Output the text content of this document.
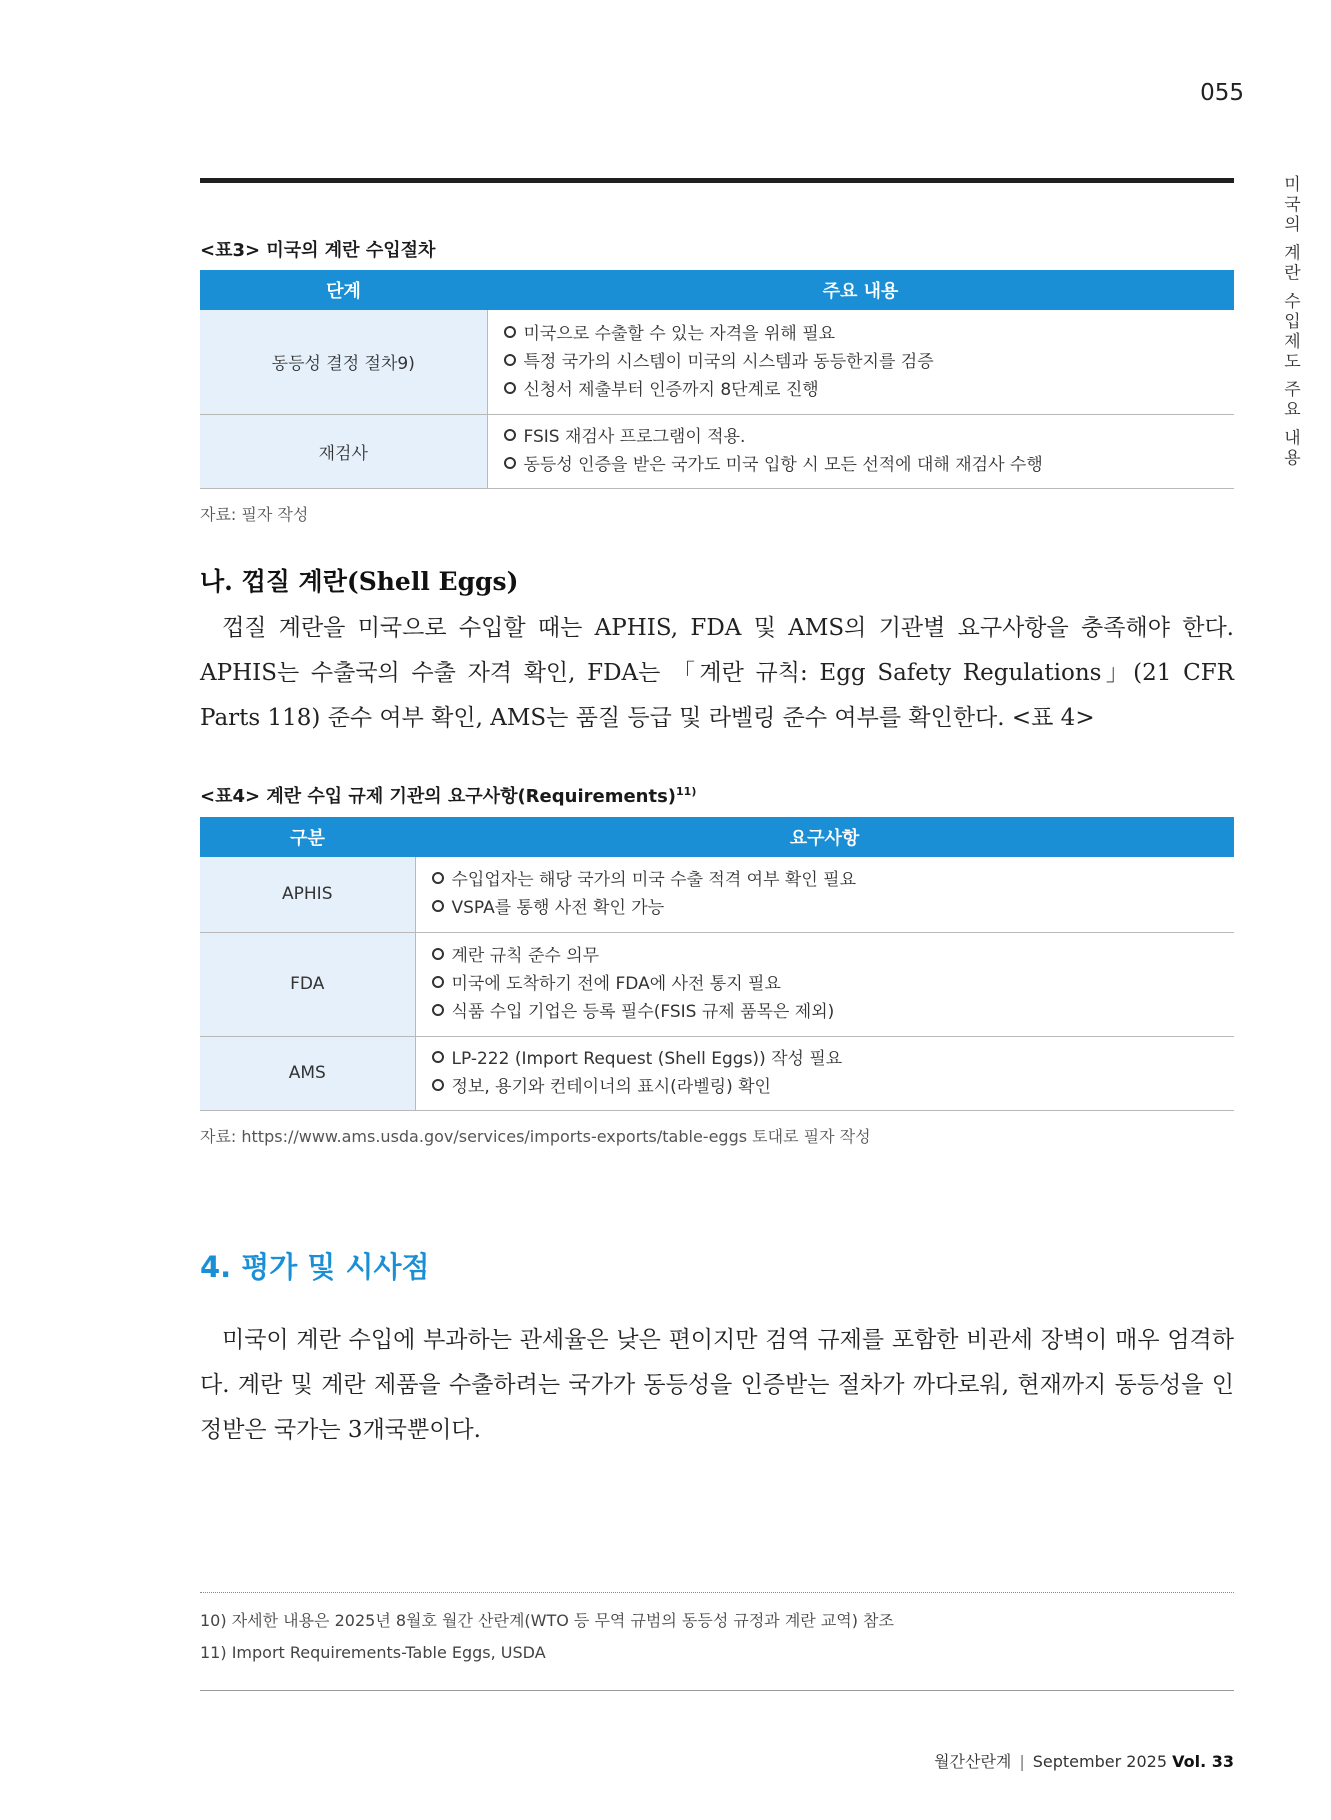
055
미국의 계란 수입제도 주요 내용
<표3> 미국의 계란 수입절차
단계	주요 내용
동등성 결정 절차9)	미국으로 수출할 수 있는 자격을 위해 필요
특정 국가의 시스템이 미국의 시스템과 동등한지를 검증
신청서 제출부터 인증까지 8단계로 진행

재검사	FSIS 재검사 프로그램이 적용.
동등성 인증을 받은 국가도 미국 입항 시 모든 선적에 대해 재검사 수행
자료: 필자 작성
나. 껍질 계란(Shell Eggs)
껍질 계란을 미국으로 수입할 때는 APHIS, FDA 및 AMS의 기관별 요구사항을 충족해야 한다. APHIS는 수출국의 수출 자격 확인, FDA는 「계란 규칙: Egg Safety Regulations」(21 CFR Parts 118) 준수 여부 확인, AMS는 품질 등급 및 라벨링 준수 여부를 확인한다. <표 4>
<표4> 계란 수입 규제 기관의 요구사항(Requirements)$^{11)}$
구분	요구사항
APHIS	수입업자는 해당 국가의 미국 수출 적격 여부 확인 필요
VSPA를 통행 사전 확인 가능

FDA	계란 규칙 준수 의무
미국에 도착하기 전에 FDA에 사전 통지 필요
식품 수입 기업은 등록 필수(FSIS 규제 품목은 제외)

AMS	LP-222 (Import Request (Shell Eggs)) 작성 필요
정보, 용기와 컨테이너의 표시(라벨링) 확인
자료: https://www.ams.usda.gov/services/imports-exports/table-eggs 토대로 필자 작성
4. 평가 및 시사점
미국이 계란 수입에 부과하는 관세율은 낮은 편이지만 검역 규제를 포함한 비관세 장벽이 매우 엄격하다. 계란 및 계란 제품을 수출하려는 국가가 동등성을 인증받는 절차가 까다로워, 현재까지 동등성을 인정받은 국가는 3개국뿐이다.
10) 자세한 내용은 2025년 8월호 월간 산란계(WTO 등 무역 규범의 동등성 규정과 계란 교역) 참조
11) Import Requirements-Table Eggs, USDA
월간산란계 | September 2025 Vol. 33
